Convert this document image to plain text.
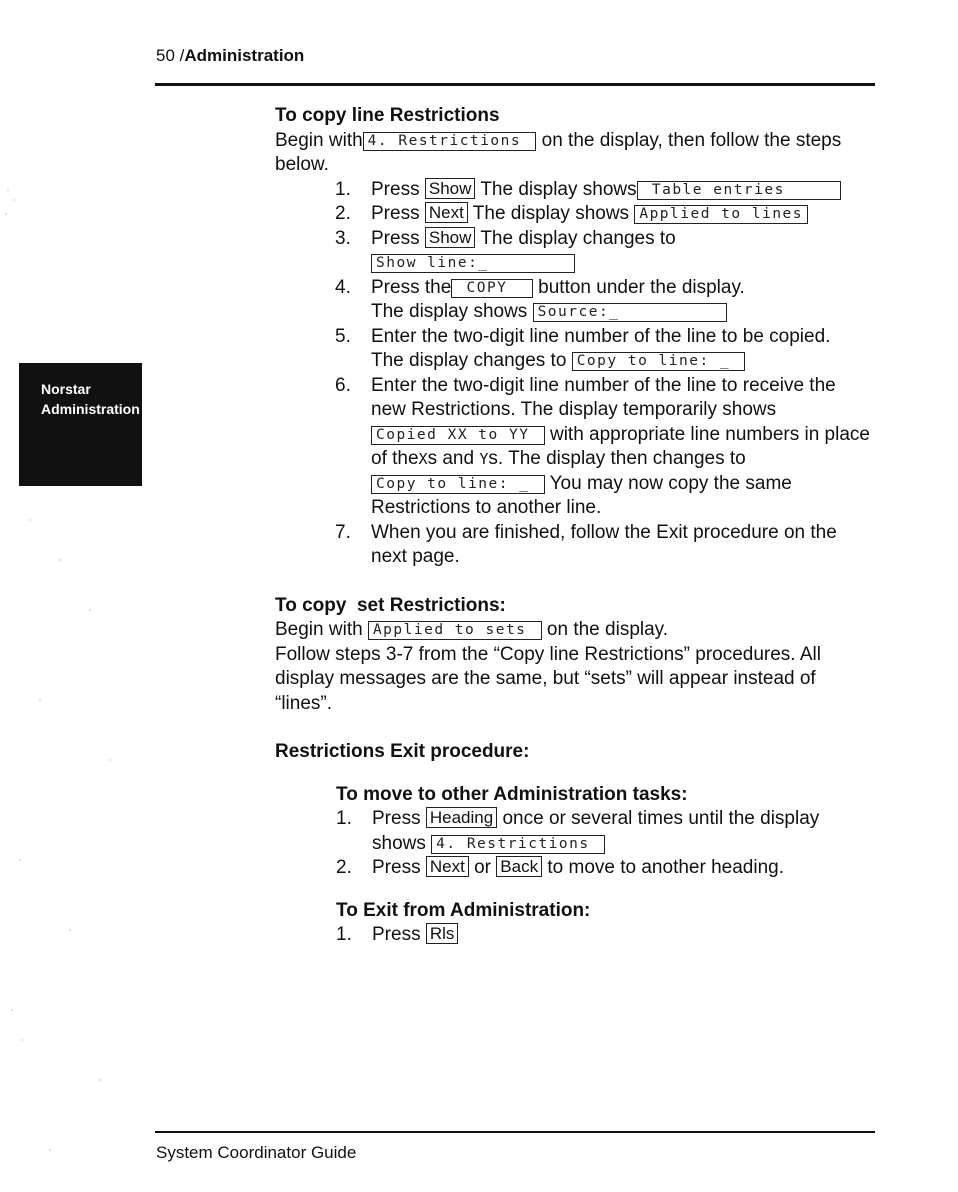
50 /Administration
Norstar
Administration
To copy line Restrictions

Begin with 4. Restrictions  on the display, then follow the steps below.

1. Press Show The display shows Table entries
2. Press Next The display shows Applied to lines
3. Press Show The display changes to
Show line:_
4. Press the COPY   button under the display.
The display shows Source:_
5. Enter the two-digit line number of the line to be copied.
The display changes to Copy to line: _
6. Enter the two-digit line number of the line to receive the new Restrictions. The display temporarily shows
Copied XX to YY  with appropriate line numbers in place of theXs and Ys. The display then changes to
Copy to line: _  You may now copy the same Restrictions to another line.
7. When you are finished, follow the Exit procedure on the next page.
To copy  set Restrictions:

Begin with Applied to sets  on the display.

Follow steps 3-7 from the “Copy line Restrictions” procedures. All display messages are the same, but “sets” will appear instead of “lines”.

Restrictions Exit procedure:
To move to other Administration tasks:
1. Press Heading once or several times until the display
shows 4. Restrictions
2. Press Next or Back to move to another heading.
To Exit from Administration:
1. Press Rls
System Coordinator Guide
